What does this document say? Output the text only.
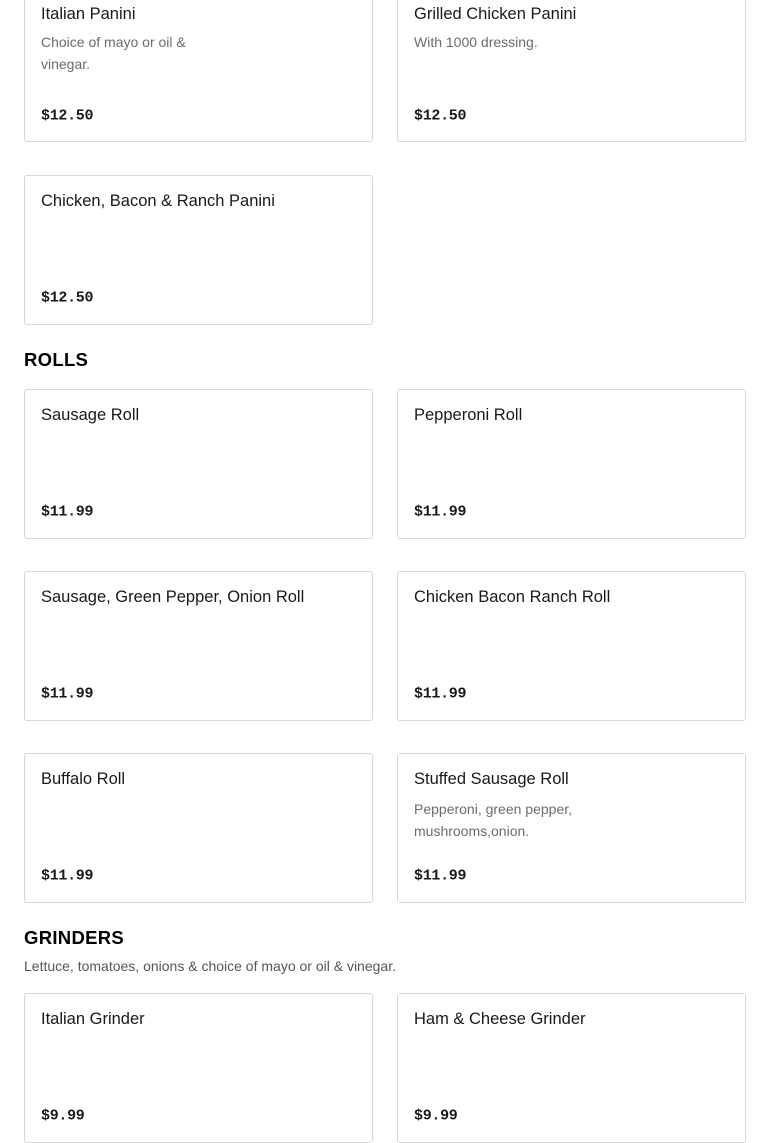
Italian Panini
Choice of mayo or oil & vinegar.
$12.50
Grilled Chicken Panini
With 1000 dressing.
$12.50
Chicken, Bacon & Ranch Panini
$12.50
ROLLS
Sausage Roll
$11.99
Pepperoni Roll
$11.99
Sausage, Green Pepper, Onion Roll
$11.99
Chicken Bacon Ranch Roll
$11.99
Buffalo Roll
$11.99
Stuffed Sausage Roll
Pepperoni, green pepper, mushrooms,onion.
$11.99
GRINDERS
Lettuce, tomatoes, onions & choice of mayo or oil & vinegar.
Italian Grinder
$9.99
Ham & Cheese Grinder
$9.99
